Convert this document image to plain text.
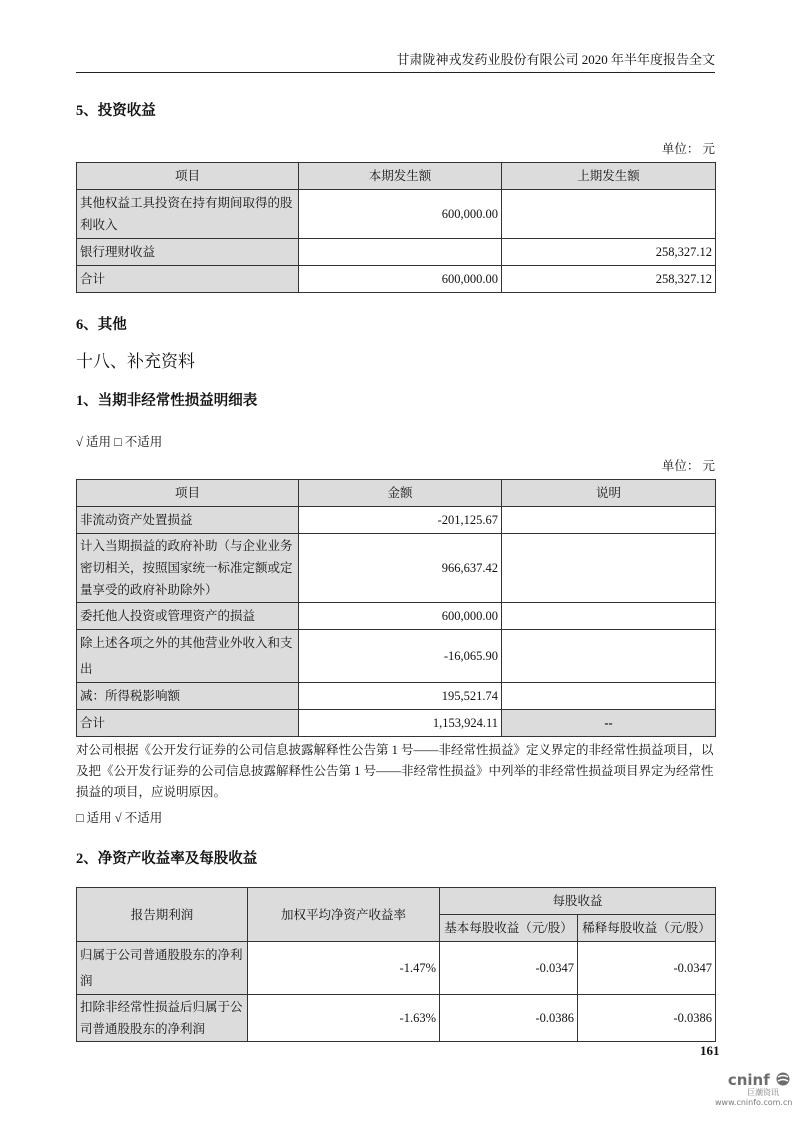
甘肃陇神戎发药业股份有限公司 2020 年半年度报告全文
5、投资收益
单位： 元
项目	本期发生额	上期发生额
其他权益工具投资在持有期间取得的股利收入	600,000.00	
银行理财收益		258,327.12
合计	600,000.00	258,327.12
6、其他
十八、补充资料
1、当期非经常性损益明细表
√ 适用 □ 不适用
单位： 元
项目	金额	说明
非流动资产处置损益	-201,125.67	
计入当期损益的政府补助（与企业业务密切相关，按照国家统一标准定额或定量享受的政府补助除外）	966,637.42	
委托他人投资或管理资产的损益	600,000.00	
除上述各项之外的其他营业外收入和支出	-16,065.90	
减：所得税影响额	195,521.74	
合计	1,153,924.11	--
对公司根据《公开发行证券的公司信息披露解释性公告第 1 号——非经常性损益》定义界定的非经常性损益项目，以及把《公开发行证券的公司信息披露解释性公告第 1 号——非经常性损益》中列举的非经常性损益项目界定为经常性损益的项目，应说明原因。
□ 适用 √ 不适用
2、净资产收益率及每股收益
报告期利润	加权平均净资产收益率	每股收益	
		基本每股收益（元/股）	稀释每股收益（元/股）
归属于公司普通股股东的净利润	-1.47%	-0.0347	-0.0347
扣除非经常性损益后归属于公司普通股股东的净利润	-1.63%	-0.0386	-0.0386
161
cninf
巨潮资讯
www.cninfo.com.cn
